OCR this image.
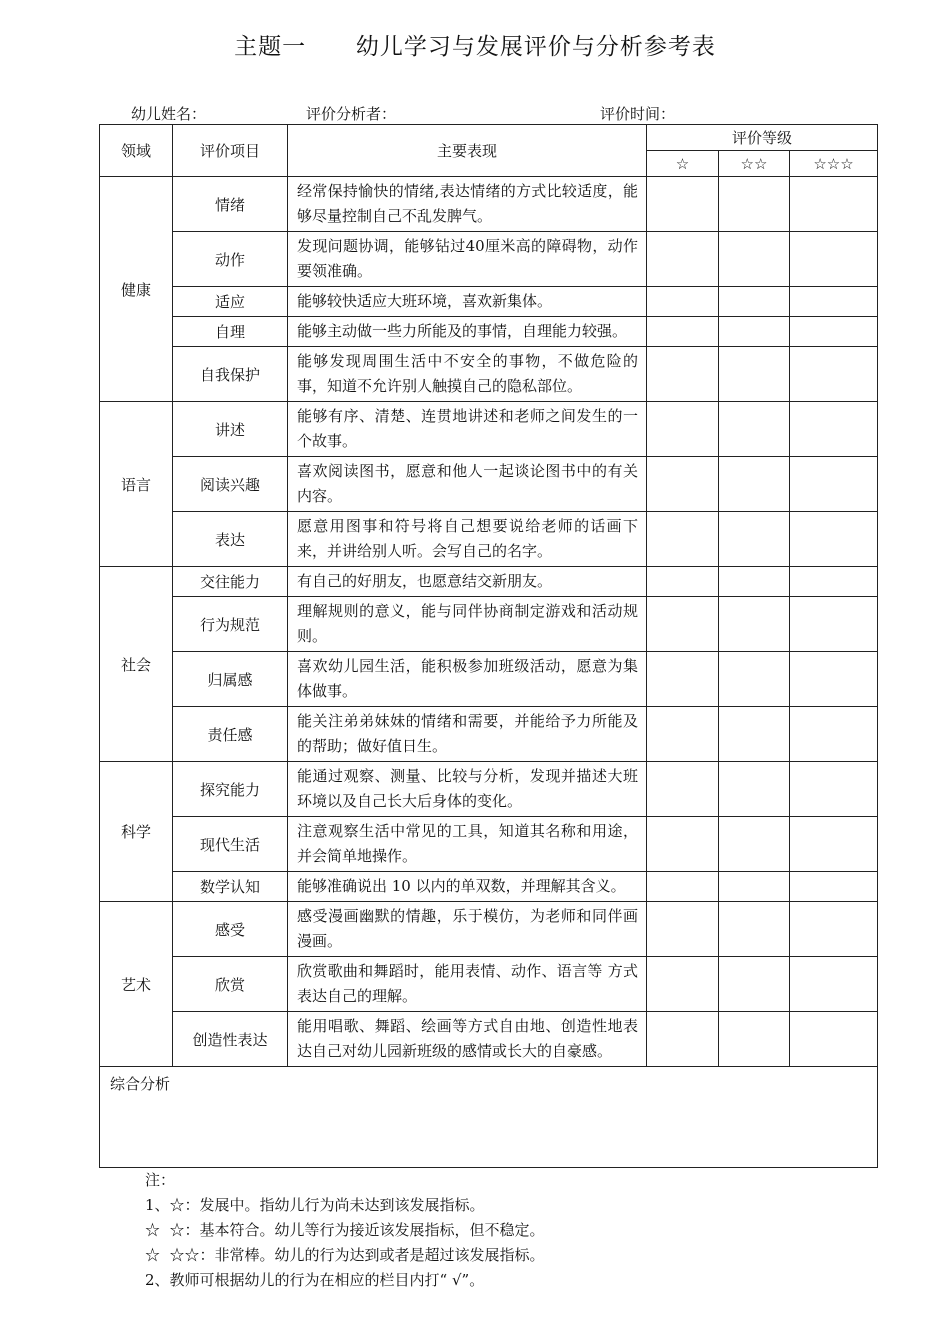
主题一      幼儿学习与发展评价与分析参考表
幼儿姓名：	评价分析者：	评价时间：
领域	评价项目	主要表现	评价等级		
			☆	☆☆	☆☆☆
健康	情绪	经常保持愉快的情绪,表达情绪的方式比较适度，能够尽量控制自己不乱发脾气。			
	动作	发现问题协调，能够钻过40厘米高的障碍物，动作要领准确。			
	适应	能够较快适应大班环境，喜欢新集体。			
	自理	能够主动做一些力所能及的事情，自理能力较强。			
	自我保护	能够发现周围生活中不安全的事物，不做危险的事，知道不允许别人触摸自己的隐私部位。			
语言	讲述	能够有序、清楚、连贯地讲述和老师之间发生的一个故事。			
	阅读兴趣	喜欢阅读图书，愿意和他人一起谈论图书中的有关内容。			
	表达	愿意用图事和符号将自己想要说给老师的话画下来，并讲给别人听。会写自己的名字。			
社会	交往能力	有自己的好朋友，也愿意结交新朋友。			
	行为规范	理解规则的意义，能与同伴协商制定游戏和活动规则。			
	归属感	喜欢幼儿园生活，能积极参加班级活动，愿意为集体做事。			
	责任感	能关注弟弟妹妹的情绪和需要，并能给予力所能及的帮助；做好值日生。			
科学	探究能力	能通过观察、测量、比较与分析，发现并描述大班环境以及自己长大后身体的变化。			
	现代生活	注意观察生活中常见的工具，知道其名称和用途，并会简单地操作。			
	数学认知	能够准确说出 10 以内的单双数，并理解其含义。			
艺术	感受	感受漫画幽默的情趣，乐于模仿，为老师和同伴画漫画。			
	欣赏	欣赏歌曲和舞蹈时，能用表情、动作、语言等 方式表达自己的理解。			
	创造性表达	能用唱歌、舞蹈、绘画等方式自由地、创造性地表达自己对幼儿园新班级的感情或长大的自豪感。			
综合分析					
注：
1、☆：发展中。指幼儿行为尚未达到该发展指标。
☆  ☆：基本符合。幼儿等行为接近该发展指标，但不稳定。
☆  ☆☆：非常棒。幼儿的行为达到或者是超过该发展指标。
2、教师可根据幼儿的行为在相应的栏目内打“ √”。
